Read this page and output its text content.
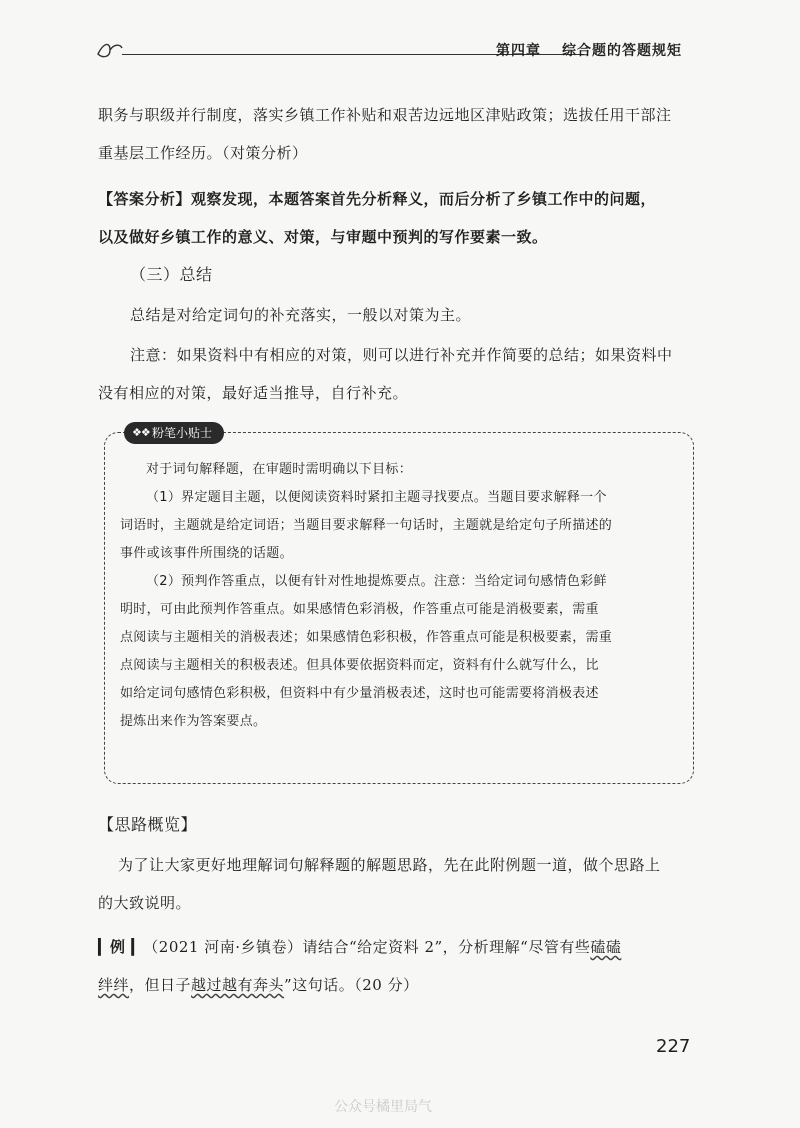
第四章 综合题的答题规矩
职务与职级并行制度，落实乡镇工作补贴和艰苦边远地区津贴政策；选拔任用干部注
重基层工作经历。（对策分析）
【答案分析】观察发现，本题答案首先分析释义，而后分析了乡镇工作中的问题，
以及做好乡镇工作的意义、对策，与审题中预判的写作要素一致。
（三）总结
总结是对给定词句的补充落实，一般以对策为主。
注意：如果资料中有相应的对策，则可以进行补充并作简要的总结；如果资料中
没有相应的对策，最好适当推导，自行补充。
❖❖ 粉笔小贴士
对于词句解释题，在审题时需明确以下目标：
（1）界定题目主题，以便阅读资料时紧扣主题寻找要点。当题目要求解释一个
词语时，主题就是给定词语；当题目要求解释一句话时，主题就是给定句子所描述的
事件或该事件所围绕的话题。
（2）预判作答重点，以便有针对性地提炼要点。注意：当给定词句感情色彩鲜
明时，可由此预判作答重点。如果感情色彩消极，作答重点可能是消极要素，需重
点阅读与主题相关的消极表述；如果感情色彩积极，作答重点可能是积极要素，需重
点阅读与主题相关的积极表述。但具体要依据资料而定，资料有什么就写什么，比
如给定词句感情色彩积极，但资料中有少量消极表述，这时也可能需要将消极表述
提炼出来作为答案要点。
【思路概览】
为了让大家更好地理解词句解释题的解题思路，先在此附例题一道，做个思路上
的大致说明。
▎例 ▎（2021 河南·乡镇卷）请结合“给定资料 2”，分析理解“尽管有些磕磕
绊绊，但日子越过越有奔头”这句话。（20 分）
227
公众号橘里局气
